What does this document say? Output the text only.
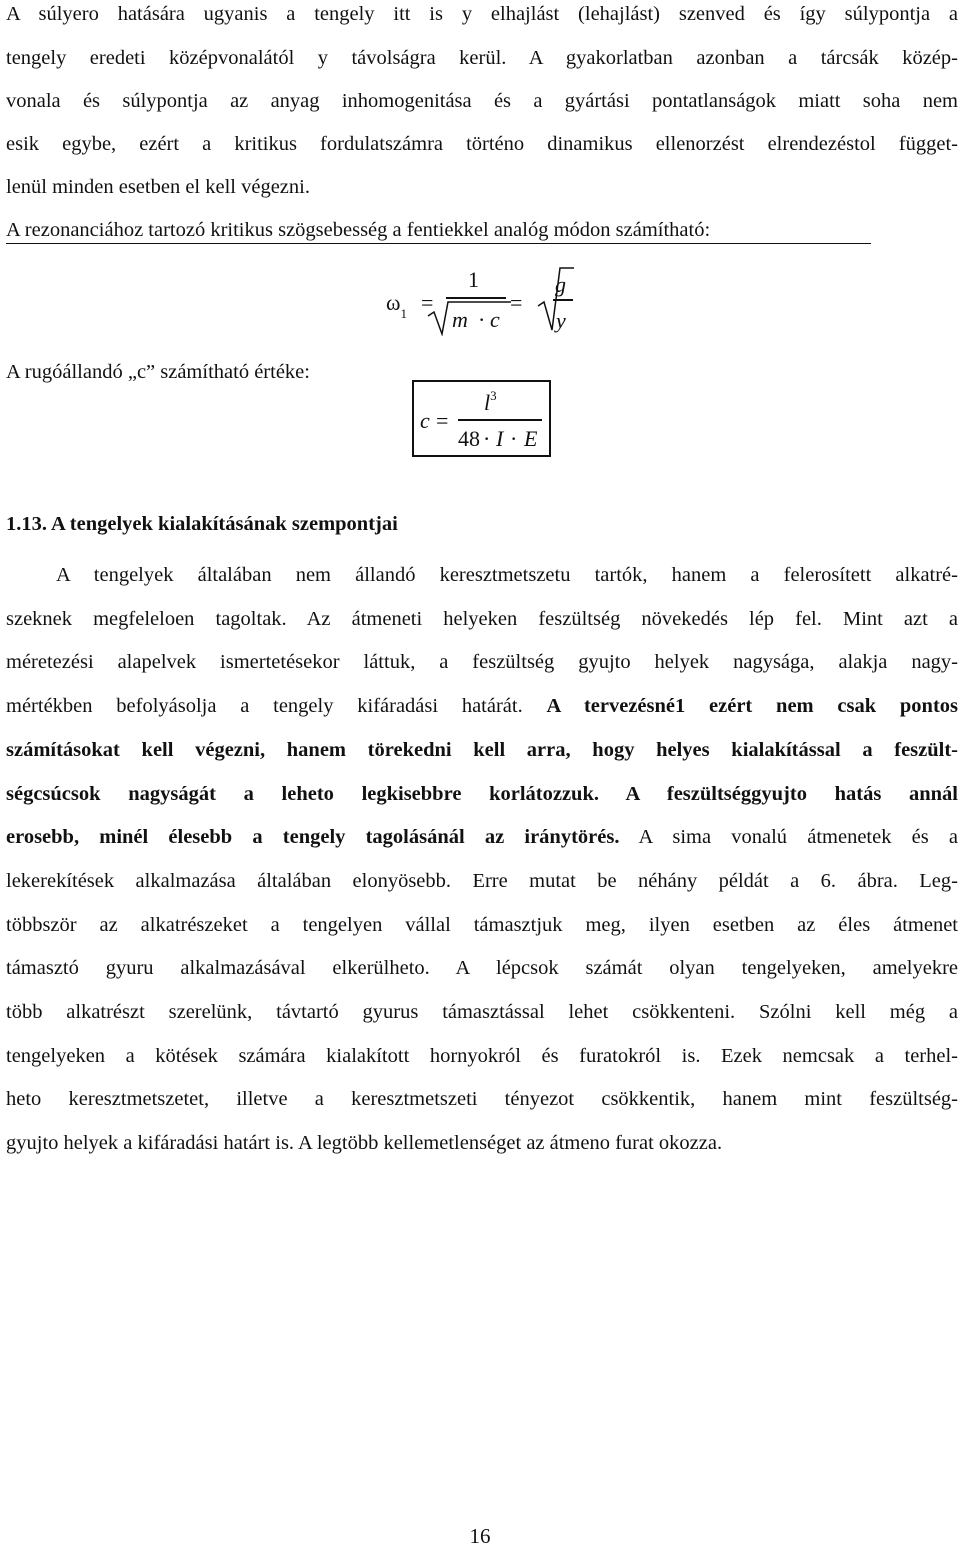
A súlyero hatására ugyanis a tengely itt is y elhajlást (lehajlást) szenved és így súlypontja a
tengely eredeti középvonalától y távolságra kerül. A gyakorlatban azonban a tárcsák közép-
vonala és súlypontja az anyag inhomogenitása és a gyártási pontatlanságok miatt soha nem
esik egybe, ezért a kritikus fordulatszámra történo dinamikus ellenorzést elrendezéstol függet-
lenül minden esetben el kell végezni.
A rezonanciához tartozó kritikus szögsebesség a fentiekkel analóg módon számítható:
$\omega_1$ =
1
m · c
=
g
y
A rugóállandó „c” számítható értéke:
c =
$l^3$
48 · I · E
1.13. A tengelyek kialakításának szempontjai
A tengelyek általában nem állandó keresztmetszetu tartók, hanem a felerosített alkatré-
szeknek megfeleloen tagoltak. Az átmeneti helyeken feszültség növekedés lép fel. Mint azt a
méretezési alapelvek ismertetésekor láttuk, a feszültség gyujto helyek nagysága, alakja nagy-
mértékben befolyásolja a tengely kifáradási határát. A tervezésné1 ezért nem csak pontos
számításokat kell végezni, hanem törekedni kell arra, hogy helyes kialakítással a feszült-
ségcsúcsok nagyságát a leheto legkisebbre korlátozzuk. A feszültséggyujto hatás annál
erosebb, minél élesebb a tengely tagolásánál az iránytörés. A sima vonalú átmenetek és a
lekerekítések alkalmazása általában elonyösebb. Erre mutat be néhány példát a 6. ábra. Leg-
többször az alkatrészeket a tengelyen vállal támasztjuk meg, ilyen esetben az éles átmenet
támasztó gyuru alkalmazásával elkerülheto. A lépcsok számát olyan tengelyeken, amelyekre
több alkatrészt szerelünk, távtartó gyurus támasztással lehet csökkenteni. Szólni kell még a
tengelyeken a kötések számára kialakított hornyokról és furatokról is. Ezek nemcsak a terhel-
heto keresztmetszetet, illetve a keresztmetszeti tényezot csökkentik, hanem mint feszültség-
gyujto helyek a kifáradási határt is. A legtöbb kellemetlenséget az átmeno furat okozza.
16
